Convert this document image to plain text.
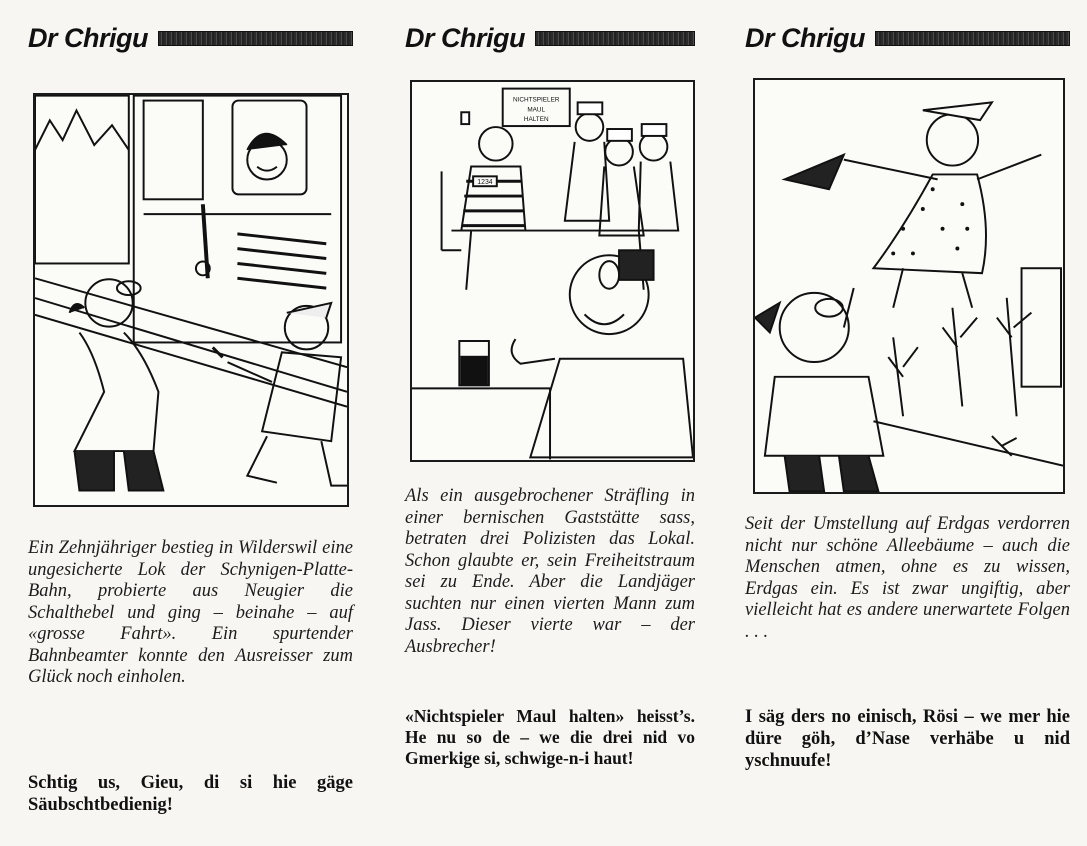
Dr Chrigu
Ein Zehnjähriger bestieg in Wilderswil eine ungesicherte Lok der Schynigen-Platte-Bahn, probierte aus Neugier die Schalthebel und ging – beinahe – auf «grosse Fahrt». Ein spurtender Bahnbeamter konnte den Ausreisser zum Glück noch einholen.
Schtig us, Gieu, di si hie gäge Säubschtbedienig!
Dr Chrigu
NICHTSPIELER
MAUL
HALTEN
1234
Als ein ausgebrochener Sträfling in einer bernischen Gaststätte sass, betraten drei Polizisten das Lokal. Schon glaubte er, sein Freiheitstraum sei zu Ende. Aber die Landjäger suchten nur einen vierten Mann zum Jass. Dieser vierte war – der Ausbrecher!
«Nichtspieler Maul halten» heisst’s. He nu so de – we die drei nid vo Gmerkige si, schwige-n-i haut!
Dr Chrigu
Seit der Umstellung auf Erdgas verdorren nicht nur schöne Alleebäume – auch die Menschen atmen, ohne es zu wissen, Erdgas ein. Es ist zwar ungiftig, aber vielleicht hat es andere unerwartete Folgen . . .
I säg ders no einisch, Rösi – we mer hie düre göh, d’Nase verhäbe u nid yschnuufe!
